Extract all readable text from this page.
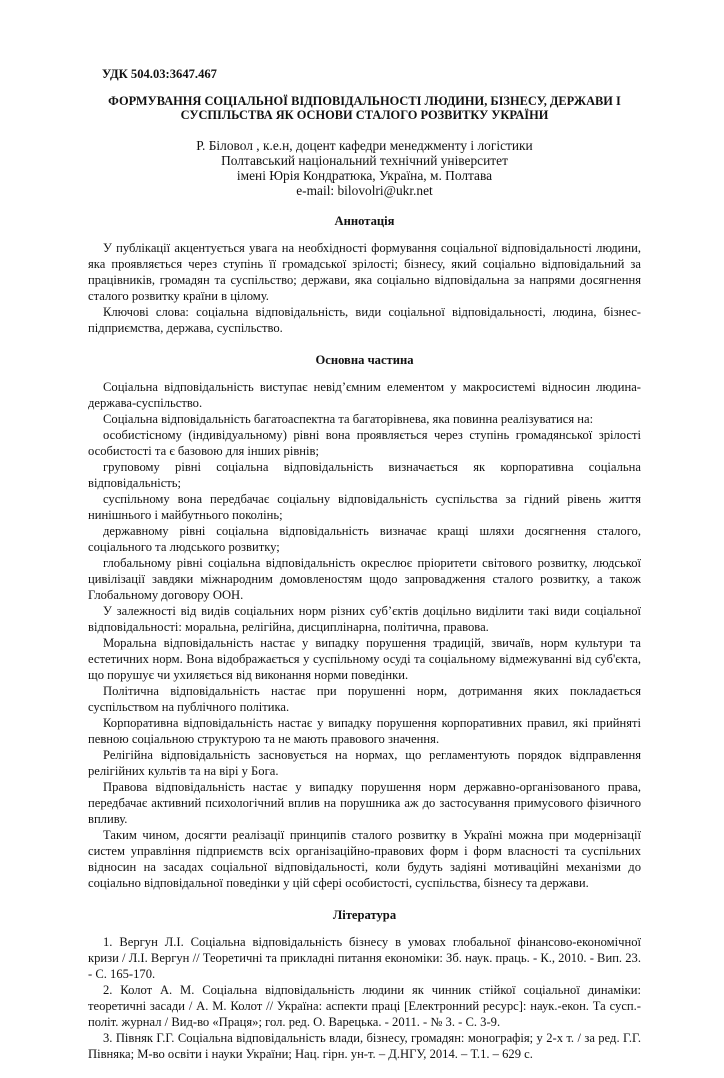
УДК 504.03:3647.467
ФОРМУВАННЯ СОЦІАЛЬНОЇ ВІДПОВІДАЛЬНОСТІ ЛЮДИНИ, БІЗНЕСУ, ДЕРЖАВИ І
СУСПІЛЬСТВА ЯК ОСНОВИ СТАЛОГО РОЗВИТКУ УКРАЇНИ
Р. Біловол , к.е.н, доцент кафедри менеджменту і логістики
Полтавський національний технічний університет
імені Юрія Кондратюка, Україна, м. Полтава
e-mail: bilovolri@ukr.net
Аннотація

У публікації акцентується увага на необхідності формування соціальної відповідальності людини, яка проявляється через ступінь її громадської зрілості; бізнесу, який соціально відповідальний за працівників, громадян та суспільство; держави, яка соціально відповідальна за напрями досягнення сталого розвитку країни в цілому.

Ключові слова: соціальна відповідальність, види соціальної відповідальності, людина, бізнес-підприємства, держава, суспільство.

Основна частина

Соціальна відповідальність виступає невід’ємним елементом у макросистемі відносин людина-держава-суспільство.

Соціальна відповідальність багатоаспектна та багаторівнева, яка повинна реалізуватися на:

особистісному (індивідуальному) рівні вона проявляється через ступінь громадянської зрілості особистості та є базовою для інших рівнів;

груповому рівні соціальна відповідальність визначається як корпоративна соціальна відповідальність;

суспільному вона передбачає соціальну відповідальність суспільства за гідний рівень життя нинішнього і майбутнього поколінь;

державному рівні соціальна відповідальність визначає кращі шляхи досягнення сталого, соціального та людського розвитку;

глобальному рівні соціальна відповідальність окреслює пріоритети світового розвитку, людської цивілізації завдяки міжнародним домовленостям щодо запровадження сталого розвитку, а також Глобальному договору ООН.

У залежності від видів соціальних норм різних суб’єктів доцільно виділити такі види соціальної відповідальності: моральна, релігійна, дисциплінарна, політична, правова.

Моральна відповідальність настає у випадку порушення традицій, звичаїв, норм культури та естетичних норм. Вона відображається у суспільному осуді та соціальному відмежуванні від суб'єкта, що порушує чи ухиляється від виконання норми поведінки.

Політична відповідальність настає при порушенні норм, дотримання яких покладається суспільством на публічного політика.

Корпоративна відповідальність настає у випадку порушення корпоративних правил, які прийняті певною соціальною структурою та не мають правового значення.

Релігійна відповідальність засновується на нормах, що регламентують порядок відправлення релігійних культів та на вірі у Бога.

Правова відповідальність настає у випадку порушення норм державно-організованого права, передбачає активний психологічний вплив на порушника аж до застосування примусового фізичного впливу.

Таким чином, досягти реалізації принципів сталого розвитку в Україні можна при модернізації систем управління підприємств всіх організаційно-правових форм і форм власності та суспільних відносин на засадах соціальної відповідальності, коли будуть задіяні мотиваційні механізми до соціально відповідальної поведінки у цій сфері особистості, суспільства, бізнесу та держави.

Література

1. Вергун Л.І. Соціальна відповідальність бізнесу в умовах глобальної фінансово-економічної кризи / Л.І. Вергун // Теоретичні та прикладні питання економіки: Зб. наук. праць. - К., 2010. - Вип. 23. - С. 165-170.

2. Колот А. М. Соціальна відповідальність людини як чинник стійкої соціальної динаміки: теоретичні засади / А. М. Колот // Україна: аспекти праці [Електронний ресурс]: наук.-екон. Та сусп.-політ. журнал / Вид-во «Праця»; гол. ред. О. Варецька. - 2011. - № 3. - С. 3-9.

3. Півняк Г.Г. Соціальна відповідальність влади, бізнесу, громадян: монографія; у 2-х т. / за ред. Г.Г. Півняка; М-во освіти і науки України; Нац. гірн. ун-т. – Д.НГУ, 2014. – Т.1. – 629 с.
